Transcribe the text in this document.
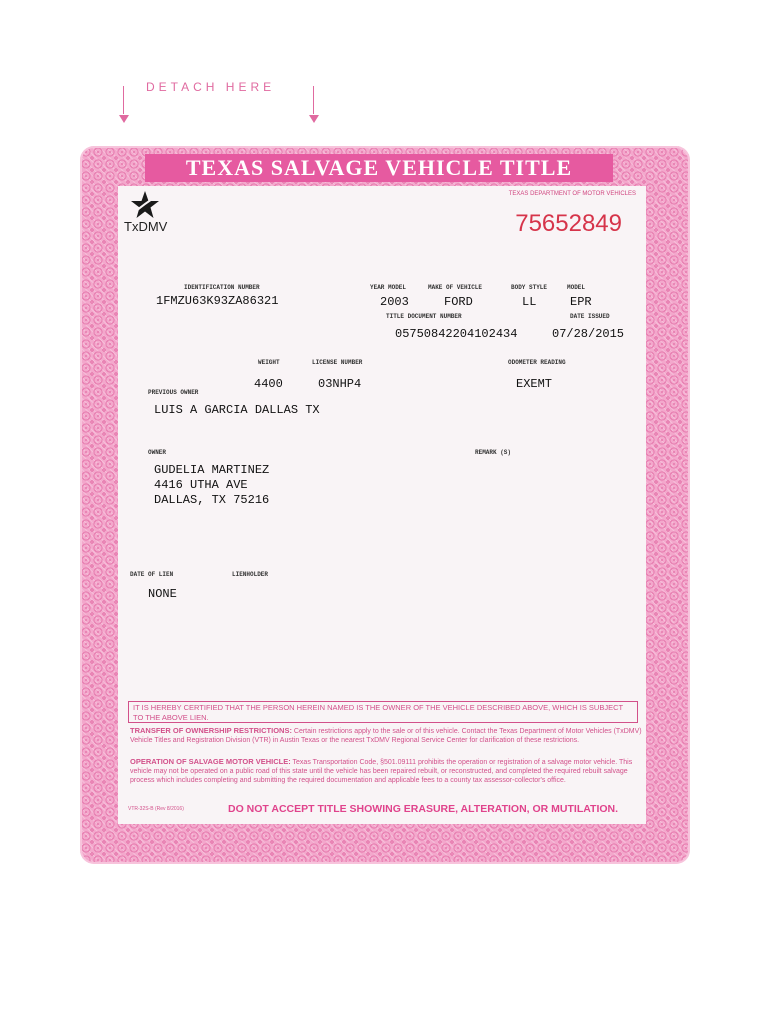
DETACH HERE
TEXAS SALVAGE VEHICLE TITLE
TEXAS DEPARTMENT OF MOTOR VEHICLES
75652849
TxDMV
IDENTIFICATION NUMBER
1FMZU63K93ZA86321
YEAR MODEL
2003
MAKE OF VEHICLE
FORD
BODY STYLE
LL
MODEL
EPR
TITLE DOCUMENT NUMBER
05750842204102434
DATE ISSUED
07/28/2015
WEIGHT
4400
LICENSE NUMBER
03NHP4
ODOMETER READING
EXEMT
PREVIOUS OWNER
LUIS A GARCIA DALLAS TX
OWNER
GUDELIA MARTINEZ
4416 UTHA AVE
DALLAS, TX 75216
REMARK (S)
DATE OF LIEN	LIENHOLDER
NONE
IT IS HEREBY CERTIFIED THAT THE PERSON HEREIN NAMED IS THE OWNER OF THE VEHICLE DESCRIBED ABOVE, WHICH IS SUBJECT TO THE ABOVE LIEN.
TRANSFER OF OWNERSHIP RESTRICTIONS: Certain restrictions apply to the sale or of this vehicle. Contact the Texas Department of Motor Vehicles (TxDMV) Vehicle Titles and Registration Division (VTR) in Austin Texas or the nearest TxDMV Regional Service Center for clarification of these restrictions.
OPERATION OF SALVAGE MOTOR VEHICLE: Texas Transportation Code, §501.09111 prohibits the operation or registration of a salvage motor vehicle. This vehicle may not be operated on a public road of this state until the vehicle has been repaired rebuilt, or reconstructed, and completed the required rebuilt salvage process which includes completing and submitting the required documentation and applicable fees to a county tax assessor-collector's office.
VTR-32S-B (Rev 8/2016)	DO NOT ACCEPT TITLE SHOWING ERASURE, ALTERATION, OR MUTILATION.
